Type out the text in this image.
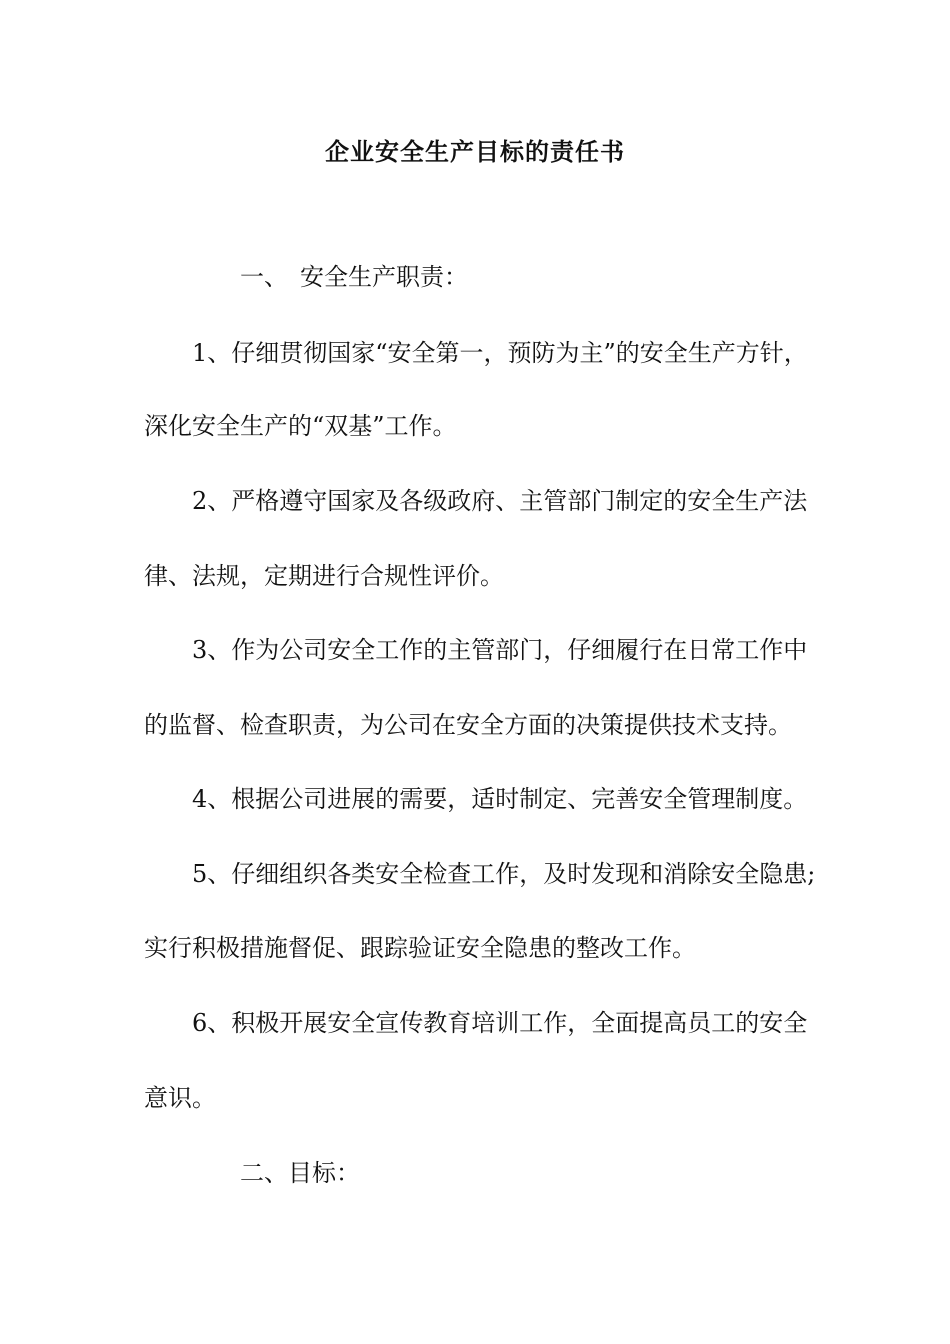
企业安全生产目标的责任书
一、 安全生产职责：
1、仔细贯彻国家“安全第一，预防为主”的安全生产方针，
深化安全生产的“双基”工作。
2、严格遵守国家及各级政府、主管部门制定的安全生产法
律、法规，定期进行合规性评价。
3、作为公司安全工作的主管部门，仔细履行在日常工作中
的监督、检查职责，为公司在安全方面的决策提供技术支持。
4、根据公司进展的需要，适时制定、完善安全管理制度。
5、仔细组织各类安全检查工作，及时发现和消除安全隐患;
实行积极措施督促、跟踪验证安全隐患的整改工作。
6、积极开展安全宣传教育培训工作，全面提高员工的安全
意识。
二、目标：
